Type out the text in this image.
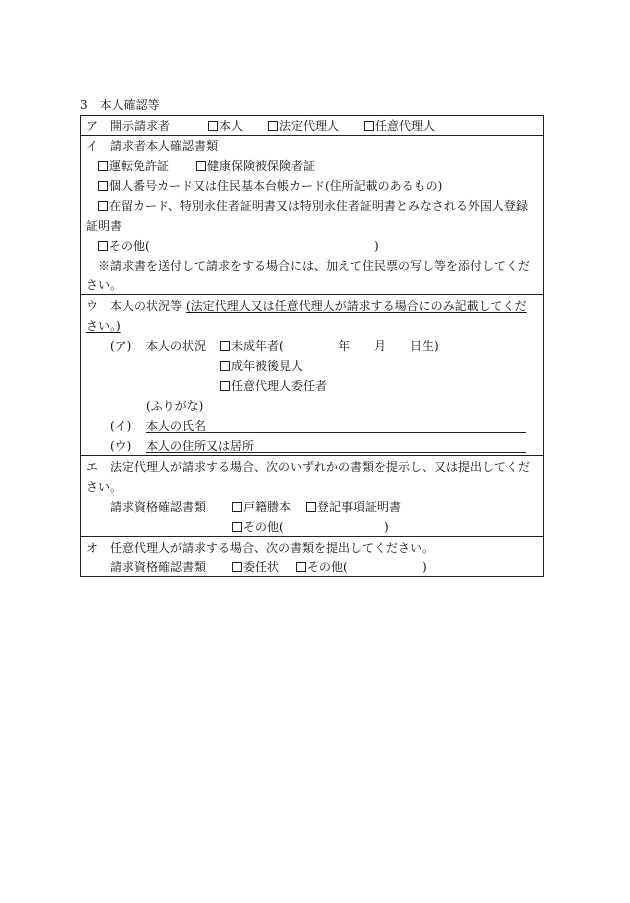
3　本人確認等
ア 開示請求者	本人	法定代理人	任意代理人
イ 請求者本人確認書類
運転免許証	健康保険被保険者証
個人番号カード又は住民基本台帳カード(住所記載のあるもの)
在留カード、特別永住者証明書又は特別永住者証明書とみなされる外国人登録
証明書
その他(	)
※請求書を送付して請求をする場合には、加えて住民票の写し等を添付してくだ
さい。
ウ 本人の状況等 (法定代理人又は任意代理人が請求する場合にのみ記載してくだ
さい。)
(ア) 本人の状況	未成年者(	年 月 日生)
成年被後見人
任意代理人委任者
(ふりがな)
(イ) 本人の氏名
(ウ) 本人の住所又は居所
エ 法定代理人が請求する場合、次のいずれかの書類を提示し、又は提出してくだ
さい。
請求資格確認書類	戸籍謄本	登記事項証明書
その他(	)
オ 任意代理人が請求する場合、次の書類を提出してください。
請求資格確認書類	委任状	その他(	)
